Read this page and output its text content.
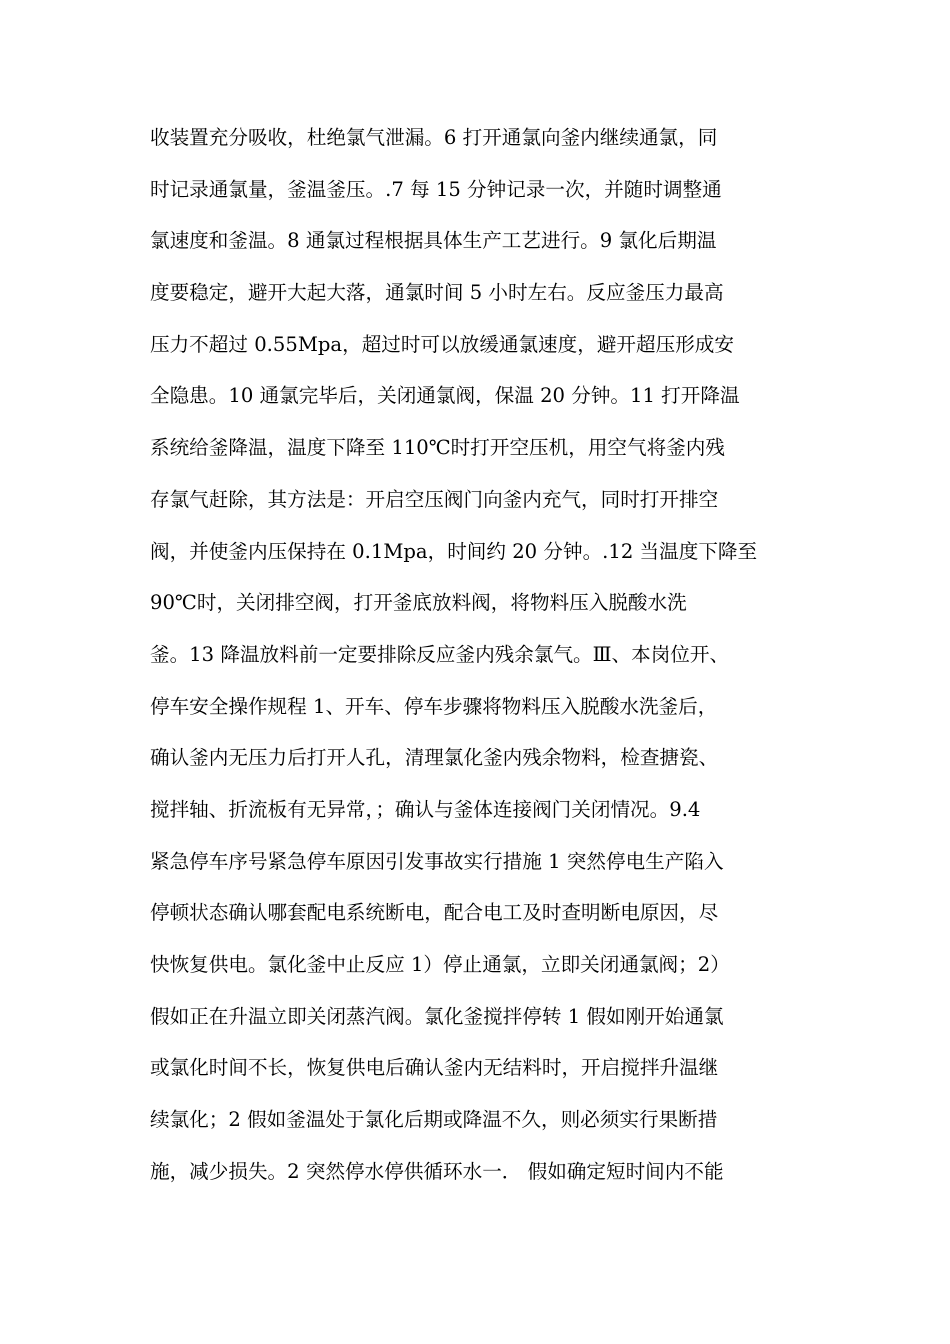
收装置充分吸收，杜绝氯气泄漏。6 打开通氯向釜内继续通氯，同
时记录通氯量，釜温釜压。.7 每 15 分钟记录一次，并随时调整通
氯速度和釜温。8 通氯过程根据具体生产工艺进行。9 氯化后期温
度要稳定，避开大起大落，通氯时间 5 小时左右。反应釜压力最高
压力不超过 0.55Mpa，超过时可以放缓通氯速度，避开超压形成安
全隐患。10 通氯完毕后，关闭通氯阀，保温 20 分钟。11 打开降温
系统给釜降温，温度下降至 110℃时打开空压机，用空气将釜内残
存氯气赶除，其方法是：开启空压阀门向釜内充气，同时打开排空
阀，并使釜内压保持在 0.1Mpa，时间约 20 分钟。.12 当温度下降至
90℃时，关闭排空阀，打开釜底放料阀，将物料压入脱酸水洗
釜。13 降温放料前一定要排除反应釜内残余氯气。Ⅲ、本岗位开、
停车安全操作规程 1、开车、停车步骤将物料压入脱酸水洗釜后，
确认釜内无压力后打开人孔，清理氯化釜内残余物料，检查搪瓷、
搅拌轴、折流板有无异常，；确认与釜体连接阀门关闭情况。9.4
紧急停车序号紧急停车原因引发事故实行措施 1 突然停电生产陷入
停顿状态确认哪套配电系统断电，配合电工及时查明断电原因，尽
快恢复供电。氯化釜中止反应 1）停止通氯，立即关闭通氯阀；2）
假如正在升温立即关闭蒸汽阀。氯化釜搅拌停转 1 假如刚开始通氯
或氯化时间不长，恢复供电后确认釜内无结料时，开启搅拌升温继
续氯化；2 假如釜温处于氯化后期或降温不久，则必须实行果断措
施，减少损失。2 突然停水停供循环水一． 假如确定短时间内不能
